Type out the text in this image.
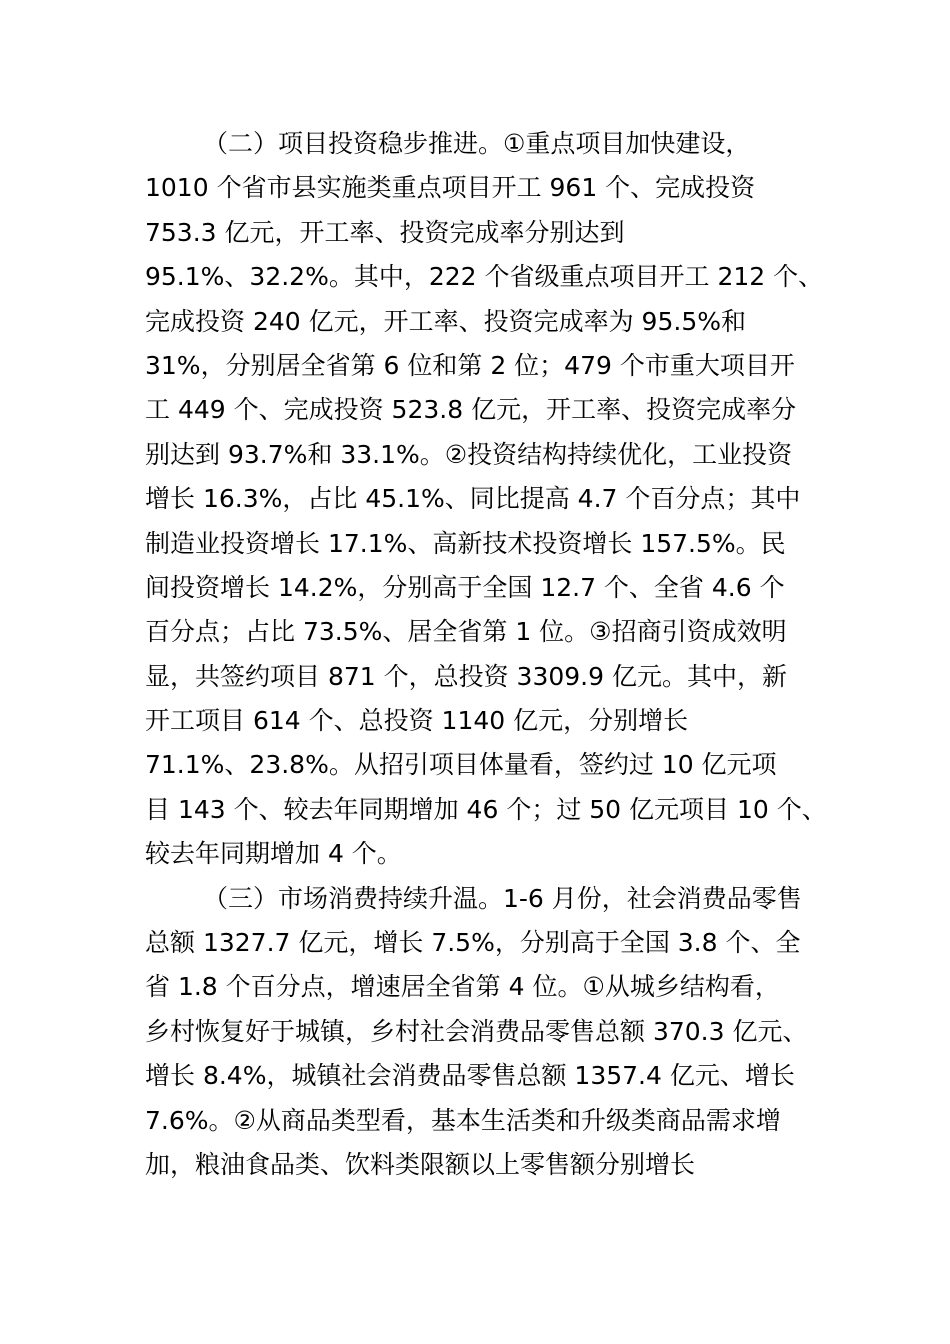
（二）项目投资稳步推进。①重点项目加快建设，
1010 个省市县实施类重点项目开工 961 个、完成投资
753.3 亿元，开工率、投资完成率分别达到
95.1%、32.2%。其中，222 个省级重点项目开工 212 个、
完成投资 240 亿元，开工率、投资完成率为 95.5%和
31%，分别居全省第 6 位和第 2 位；479 个市重大项目开
工 449 个、完成投资 523.8 亿元，开工率、投资完成率分
别达到 93.7%和 33.1%。②投资结构持续优化，工业投资
增长 16.3%，占比 45.1%、同比提高 4.7 个百分点；其中
制造业投资增长 17.1%、高新技术投资增长 157.5%。民
间投资增长 14.2%，分别高于全国 12.7 个、全省 4.6 个
百分点；占比 73.5%、居全省第 1 位。③招商引资成效明
显，共签约项目 871 个，总投资 3309.9 亿元。其中，新
开工项目 614 个、总投资 1140 亿元，分别增长
71.1%、23.8%。从招引项目体量看，签约过 10 亿元项
目 143 个、较去年同期增加 46 个；过 50 亿元项目 10 个、
较去年同期增加 4 个。
（三）市场消费持续升温。1-6 月份，社会消费品零售
总额 1327.7 亿元，增长 7.5%，分别高于全国 3.8 个、全
省 1.8 个百分点，增速居全省第 4 位。①从城乡结构看，
乡村恢复好于城镇，乡村社会消费品零售总额 370.3 亿元、
增长 8.4%，城镇社会消费品零售总额 1357.4 亿元、增长
7.6%。②从商品类型看，基本生活类和升级类商品需求增
加，粮油食品类、饮料类限额以上零售额分别增长
